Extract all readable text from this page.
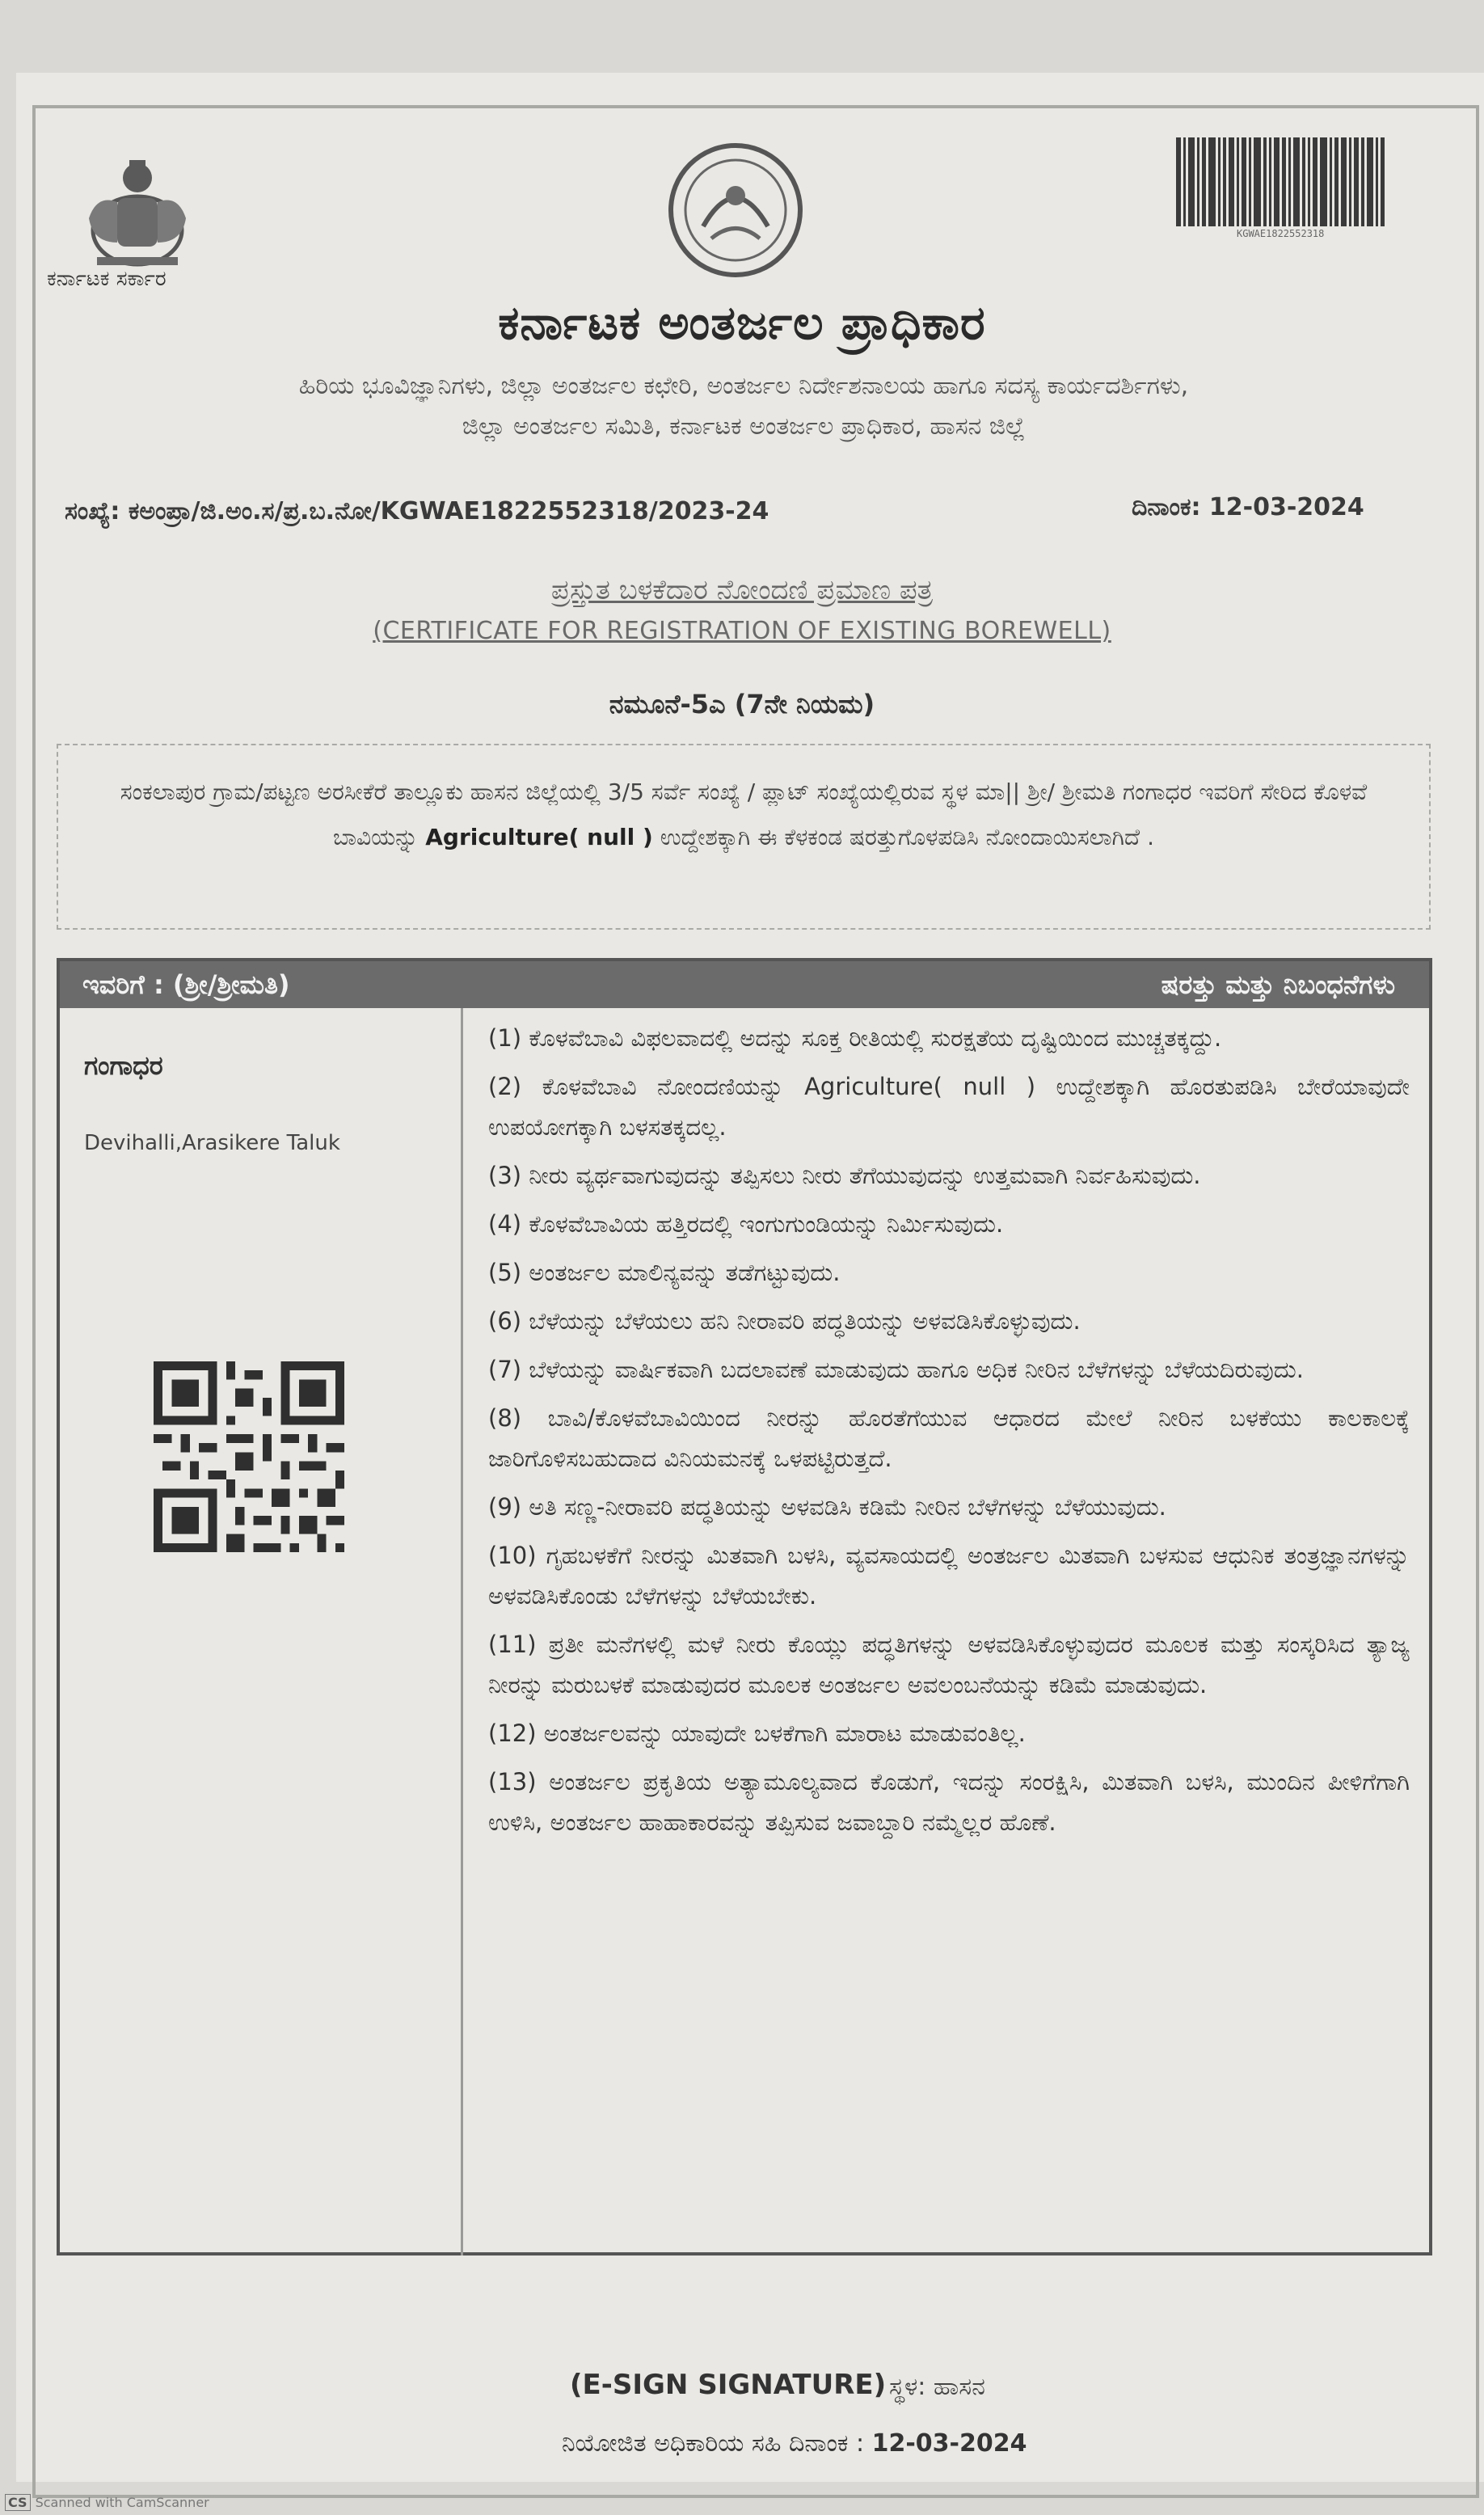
ಕರ್ನಾಟಕ ಸರ್ಕಾರ
KGWAE1822552318
ಕರ್ನಾಟಕ ಅಂತರ್ಜಲ ಪ್ರಾಧಿಕಾರ
ಹಿರಿಯ ಭೂವಿಜ್ಞಾನಿಗಳು, ಜಿಲ್ಲಾ ಅಂತರ್ಜಲ ಕಛೇರಿ, ಅಂತರ್ಜಲ ನಿರ್ದೇಶನಾಲಯ ಹಾಗೂ ಸದಸ್ಯ ಕಾರ್ಯದರ್ಶಿಗಳು,
ಜಿಲ್ಲಾ ಅಂತರ್ಜಲ ಸಮಿತಿ, ಕರ್ನಾಟಕ ಅಂತರ್ಜಲ ಪ್ರಾಧಿಕಾರ, ಹಾಸನ ಜಿಲ್ಲೆ
ಸಂಖ್ಯೆ: ಕಅಂಪ್ರಾ/ಜಿ.ಅಂ.ಸ/ಪ್ರ.ಬ.ನೋ/KGWAE1822552318/2023-24	ದಿನಾಂಕ: 12-03-2024
ಪ್ರಸ್ತುತ ಬಳಕೆದಾರ ನೋಂದಣಿ ಪ್ರಮಾಣ ಪತ್ರ
(CERTIFICATE FOR REGISTRATION OF EXISTING BOREWELL)
ನಮೂನೆ-5ಎ (7ನೇ ನಿಯಮ)
ಸಂಕಲಾಪುರ ಗ್ರಾಮ/ಪಟ್ಟಣ ಅರಸೀಕೆರೆ ತಾಲ್ಲೂಕು ಹಾಸನ ಜಿಲ್ಲೆಯಲ್ಲಿ 3/5 ಸರ್ವೆ ಸಂಖ್ಯೆ / ಪ್ಲಾಟ್ ಸಂಖ್ಯೆಯಲ್ಲಿರುವ ಸ್ಥಳ ಮಾ|| ಶ್ರೀ/ ಶ್ರೀಮತಿ ಗಂಗಾಧರ ಇವರಿಗೆ ಸೇರಿದ ಕೊಳವೆ ಬಾವಿಯನ್ನು Agriculture( null ) ಉದ್ದೇಶಕ್ಕಾಗಿ ಈ ಕೆಳಕಂಡ ಷರತ್ತುಗೊಳಪಡಿಸಿ ನೋಂದಾಯಿಸಲಾಗಿದೆ .
ಇವರಿಗೆ : (ಶ್ರೀ/ಶ್ರೀಮತಿ)	ಷರತ್ತು ಮತ್ತು ನಿಬಂಧನೆಗಳು
ಗಂಗಾಧರ
Devihalli,Arasikere Taluk
(1) ಕೊಳವೆಬಾವಿ ವಿಫಲವಾದಲ್ಲಿ ಅದನ್ನು ಸೂಕ್ತ ರೀತಿಯಲ್ಲಿ ಸುರಕ್ಷತೆಯ ದೃಷ್ಟಿಯಿಂದ ಮುಚ್ಚತಕ್ಕದ್ದು.
(2) ಕೊಳವೆಬಾವಿ ನೋಂದಣಿಯನ್ನು Agriculture( null ) ಉದ್ದೇಶಕ್ಕಾಗಿ ಹೊರತುಪಡಿಸಿ ಬೇರೆಯಾವುದೇ ಉಪಯೋಗಕ್ಕಾಗಿ ಬಳಸತಕ್ಕದಲ್ಲ.
(3) ನೀರು ವ್ಯರ್ಥವಾಗುವುದನ್ನು ತಪ್ಪಿಸಲು ನೀರು ತೆಗೆಯುವುದನ್ನು ಉತ್ತಮವಾಗಿ ನಿರ್ವಹಿಸುವುದು.
(4) ಕೊಳವೆಬಾವಿಯ ಹತ್ತಿರದಲ್ಲಿ ಇಂಗುಗುಂಡಿಯನ್ನು ನಿರ್ಮಿಸುವುದು.
(5) ಅಂತರ್ಜಲ ಮಾಲಿನ್ಯವನ್ನು ತಡೆಗಟ್ಟುವುದು.
(6) ಬೆಳೆಯನ್ನು ಬೆಳೆಯಲು ಹನಿ ನೀರಾವರಿ ಪದ್ಧತಿಯನ್ನು ಅಳವಡಿಸಿಕೊಳ್ಳುವುದು.
(7) ಬೆಳೆಯನ್ನು ವಾರ್ಷಿಕವಾಗಿ ಬದಲಾವಣೆ ಮಾಡುವುದು ಹಾಗೂ ಅಧಿಕ ನೀರಿನ ಬೆಳೆಗಳನ್ನು ಬೆಳೆಯದಿರುವುದು.
(8) ಬಾವಿ/ಕೊಳವೆಬಾವಿಯಿಂದ ನೀರನ್ನು ಹೊರತೆಗೆಯುವ ಆಧಾರದ ಮೇಲೆ ನೀರಿನ ಬಳಕೆಯು ಕಾಲಕಾಲಕ್ಕೆ ಜಾರಿಗೊಳಿಸಬಹುದಾದ ವಿನಿಯಮನಕ್ಕೆ ಒಳಪಟ್ಟಿರುತ್ತದೆ.
(9) ಅತಿ ಸಣ್ಣ-ನೀರಾವರಿ ಪದ್ಧತಿಯನ್ನು ಅಳವಡಿಸಿ ಕಡಿಮೆ ನೀರಿನ ಬೆಳೆಗಳನ್ನು ಬೆಳೆಯುವುದು.
(10) ಗೃಹಬಳಕೆಗೆ ನೀರನ್ನು ಮಿತವಾಗಿ ಬಳಸಿ, ವ್ಯವಸಾಯದಲ್ಲಿ ಅಂತರ್ಜಲ ಮಿತವಾಗಿ ಬಳಸುವ ಆಧುನಿಕ ತಂತ್ರಜ್ಞಾನಗಳನ್ನು ಅಳವಡಿಸಿಕೊಂಡು ಬೆಳೆಗಳನ್ನು ಬೆಳೆಯಬೇಕು.
(11) ಪ್ರತೀ ಮನೆಗಳಲ್ಲಿ ಮಳೆ ನೀರು ಕೊಯ್ಲು ಪದ್ಧತಿಗಳನ್ನು ಅಳವಡಿಸಿಕೊಳ್ಳುವುದರ ಮೂಲಕ ಮತ್ತು ಸಂಸ್ಕರಿಸಿದ ತ್ಯಾಜ್ಯ ನೀರನ್ನು ಮರುಬಳಕೆ ಮಾಡುವುದರ ಮೂಲಕ ಅಂತರ್ಜಲ ಅವಲಂಬನೆಯನ್ನು ಕಡಿಮೆ ಮಾಡುವುದು.
(12) ಅಂತರ್ಜಲವನ್ನು ಯಾವುದೇ ಬಳಕೆಗಾಗಿ ಮಾರಾಟ ಮಾಡುವಂತಿಲ್ಲ.
(13) ಅಂತರ್ಜಲ ಪ್ರಕೃತಿಯ ಅತ್ಯಾಮೂಲ್ಯವಾದ ಕೊಡುಗೆ, ಇದನ್ನು ಸಂರಕ್ಷಿಸಿ, ಮಿತವಾಗಿ ಬಳಸಿ, ಮುಂದಿನ ಪೀಳಿಗೆಗಾಗಿ ಉಳಿಸಿ, ಅಂತರ್ಜಲ ಹಾಹಾಕಾರವನ್ನು ತಪ್ಪಿಸುವ ಜವಾಬ್ದಾರಿ ನಮ್ಮೆಲ್ಲರ ಹೊಣೆ.
(E-SIGN SIGNATURE) ಸ್ಥಳ: ಹಾಸನ
ನಿಯೋಜಿತ ಅಧಿಕಾರಿಯ ಸಹಿ ದಿನಾಂಕ : 12-03-2024
CS Scanned with CamScanner
